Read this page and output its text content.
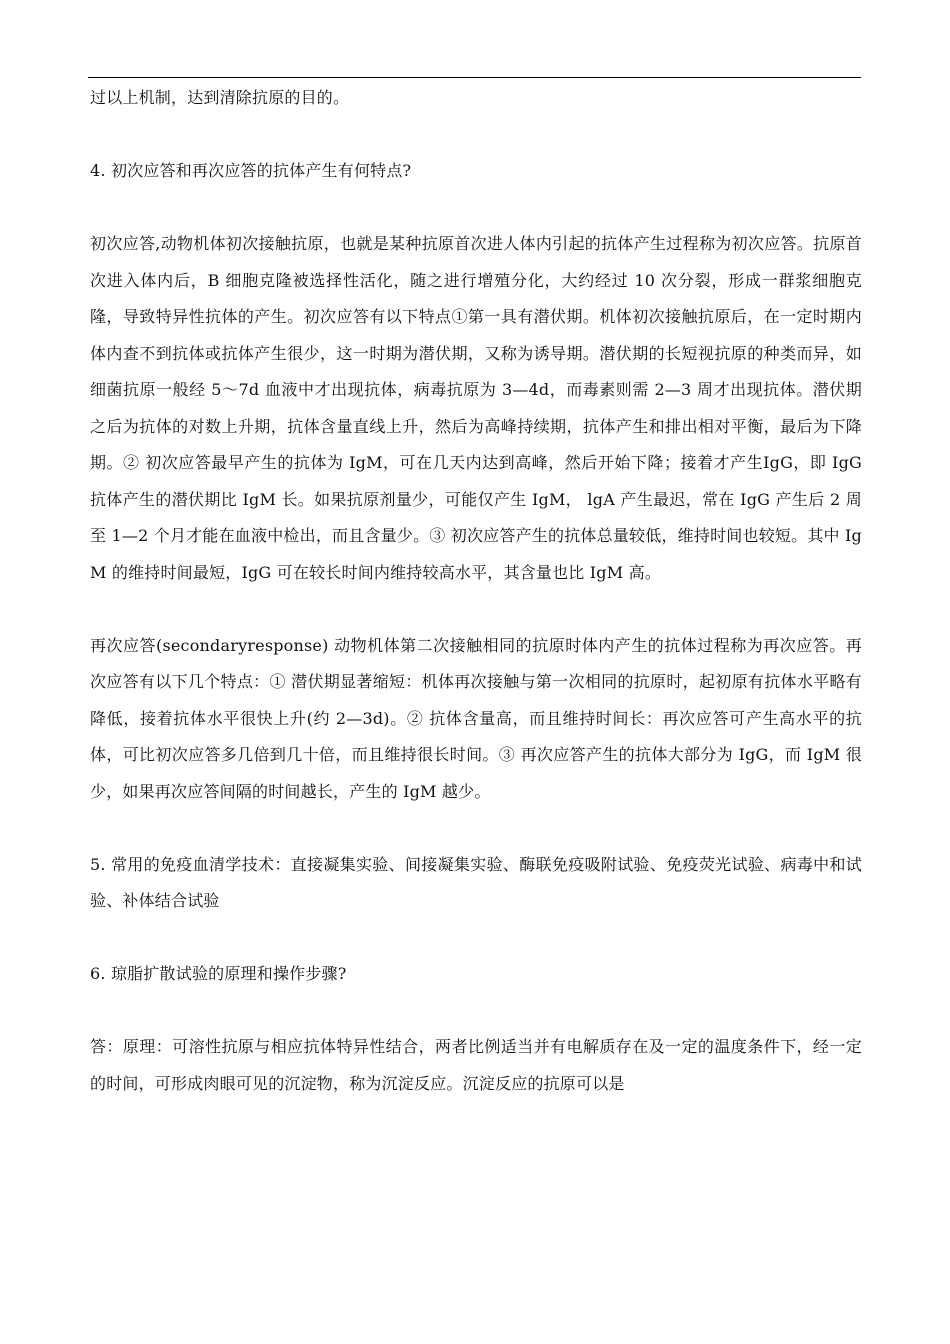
过以上机制，达到清除抗原的目的。

4. 初次应答和再次应答的抗体产生有何特点?

初次应答,动物机体初次接触抗原，也就是某种抗原首次进人体内引起的抗体产生过程称为初次应答。抗原首次进入体内后，B 细胞克隆被选择性活化，随之进行增殖分化，大约经过 10 次分裂，形成一群浆细胞克隆，导致特异性抗体的产生。初次应答有以下特点①第一具有潜伏期。机体初次接触抗原后，在一定时期内体内查不到抗体或抗体产生很少，这一时期为潜伏期，又称为诱导期。潜伏期的长短视抗原的种类而异，如细菌抗原一般经 5～7d 血液中才出现抗体，病毒抗原为 3—4d，而毒素则需 2—3 周才出现抗体。潜伏期之后为抗体的对数上升期，抗体含量直线上升，然后为高峰持续期，抗体产生和排出相对平衡，最后为下降期。② 初次应答最早产生的抗体为 IgM，可在几天内达到高峰，然后开始下降；接着才产生IgG，即 IgG 抗体产生的潜伏期比 IgM 长。如果抗原剂量少，可能仅产生 IgM， lgA 产生最迟，常在 IgG 产生后 2 周至 1—2 个月才能在血液中检出，而且含量少。③ 初次应答产生的抗体总量较低，维持时间也较短。其中 IgM 的维持时间最短，IgG 可在较长时间内维持较高水平，其含量也比 IgM 高。

再次应答(secondaryresponse) 动物机体第二次接触相同的抗原时体内产生的抗体过程称为再次应答。再次应答有以下几个特点：① 潜伏期显著缩短：机体再次接触与第一次相同的抗原时，起初原有抗体水平略有降低，接着抗体水平很快上升(约 2—3d)。② 抗体含量高，而且维持时间长：再次应答可产生高水平的抗体，可比初次应答多几倍到几十倍，而且维持很长时间。③ 再次应答产生的抗体大部分为 IgG，而 IgM 很少，如果再次应答间隔的时间越长，产生的 IgM 越少。

5. 常用的免疫血清学技术：直接凝集实验、间接凝集实验、酶联免疫吸附试验、免疫荧光试验、病毒中和试验、补体结合试验

6. 琼脂扩散试验的原理和操作步骤?

答：原理：可溶性抗原与相应抗体特异性结合，两者比例适当并有电解质存在及一定的温度条件下，经一定的时间，可形成肉眼可见的沉淀物，称为沉淀反应。沉淀反应的抗原可以是
